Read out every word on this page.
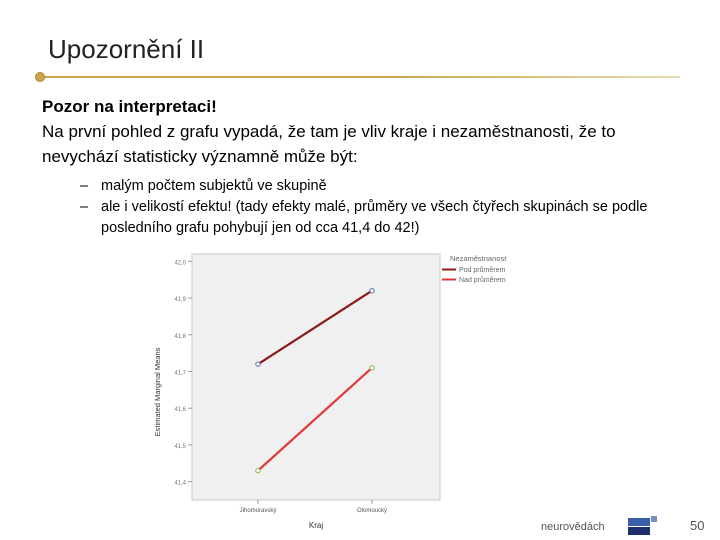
Upozornění II
Pozor na interpretaci!
Na první pohled z grafu vypadá, že tam je vliv kraje i nezaměstnanosti, že to nevychází statisticky významně může být:
– malým počtem subjektů ve skupině
– ale i velikostí efektu! (tady efekty malé, průměry ve všech čtyřech skupinách se podle posledního grafu pohybují jen od cca 41,4 do 42!)
42,0
41,9
41,8
41,7
41,6
41,5
41,4
Jihomoravský	Olomoucký
Estimated Marginal Means
Kraj
Nezaměstnanost
Pod průměrem
Nad průměrem
neurovědách	50
